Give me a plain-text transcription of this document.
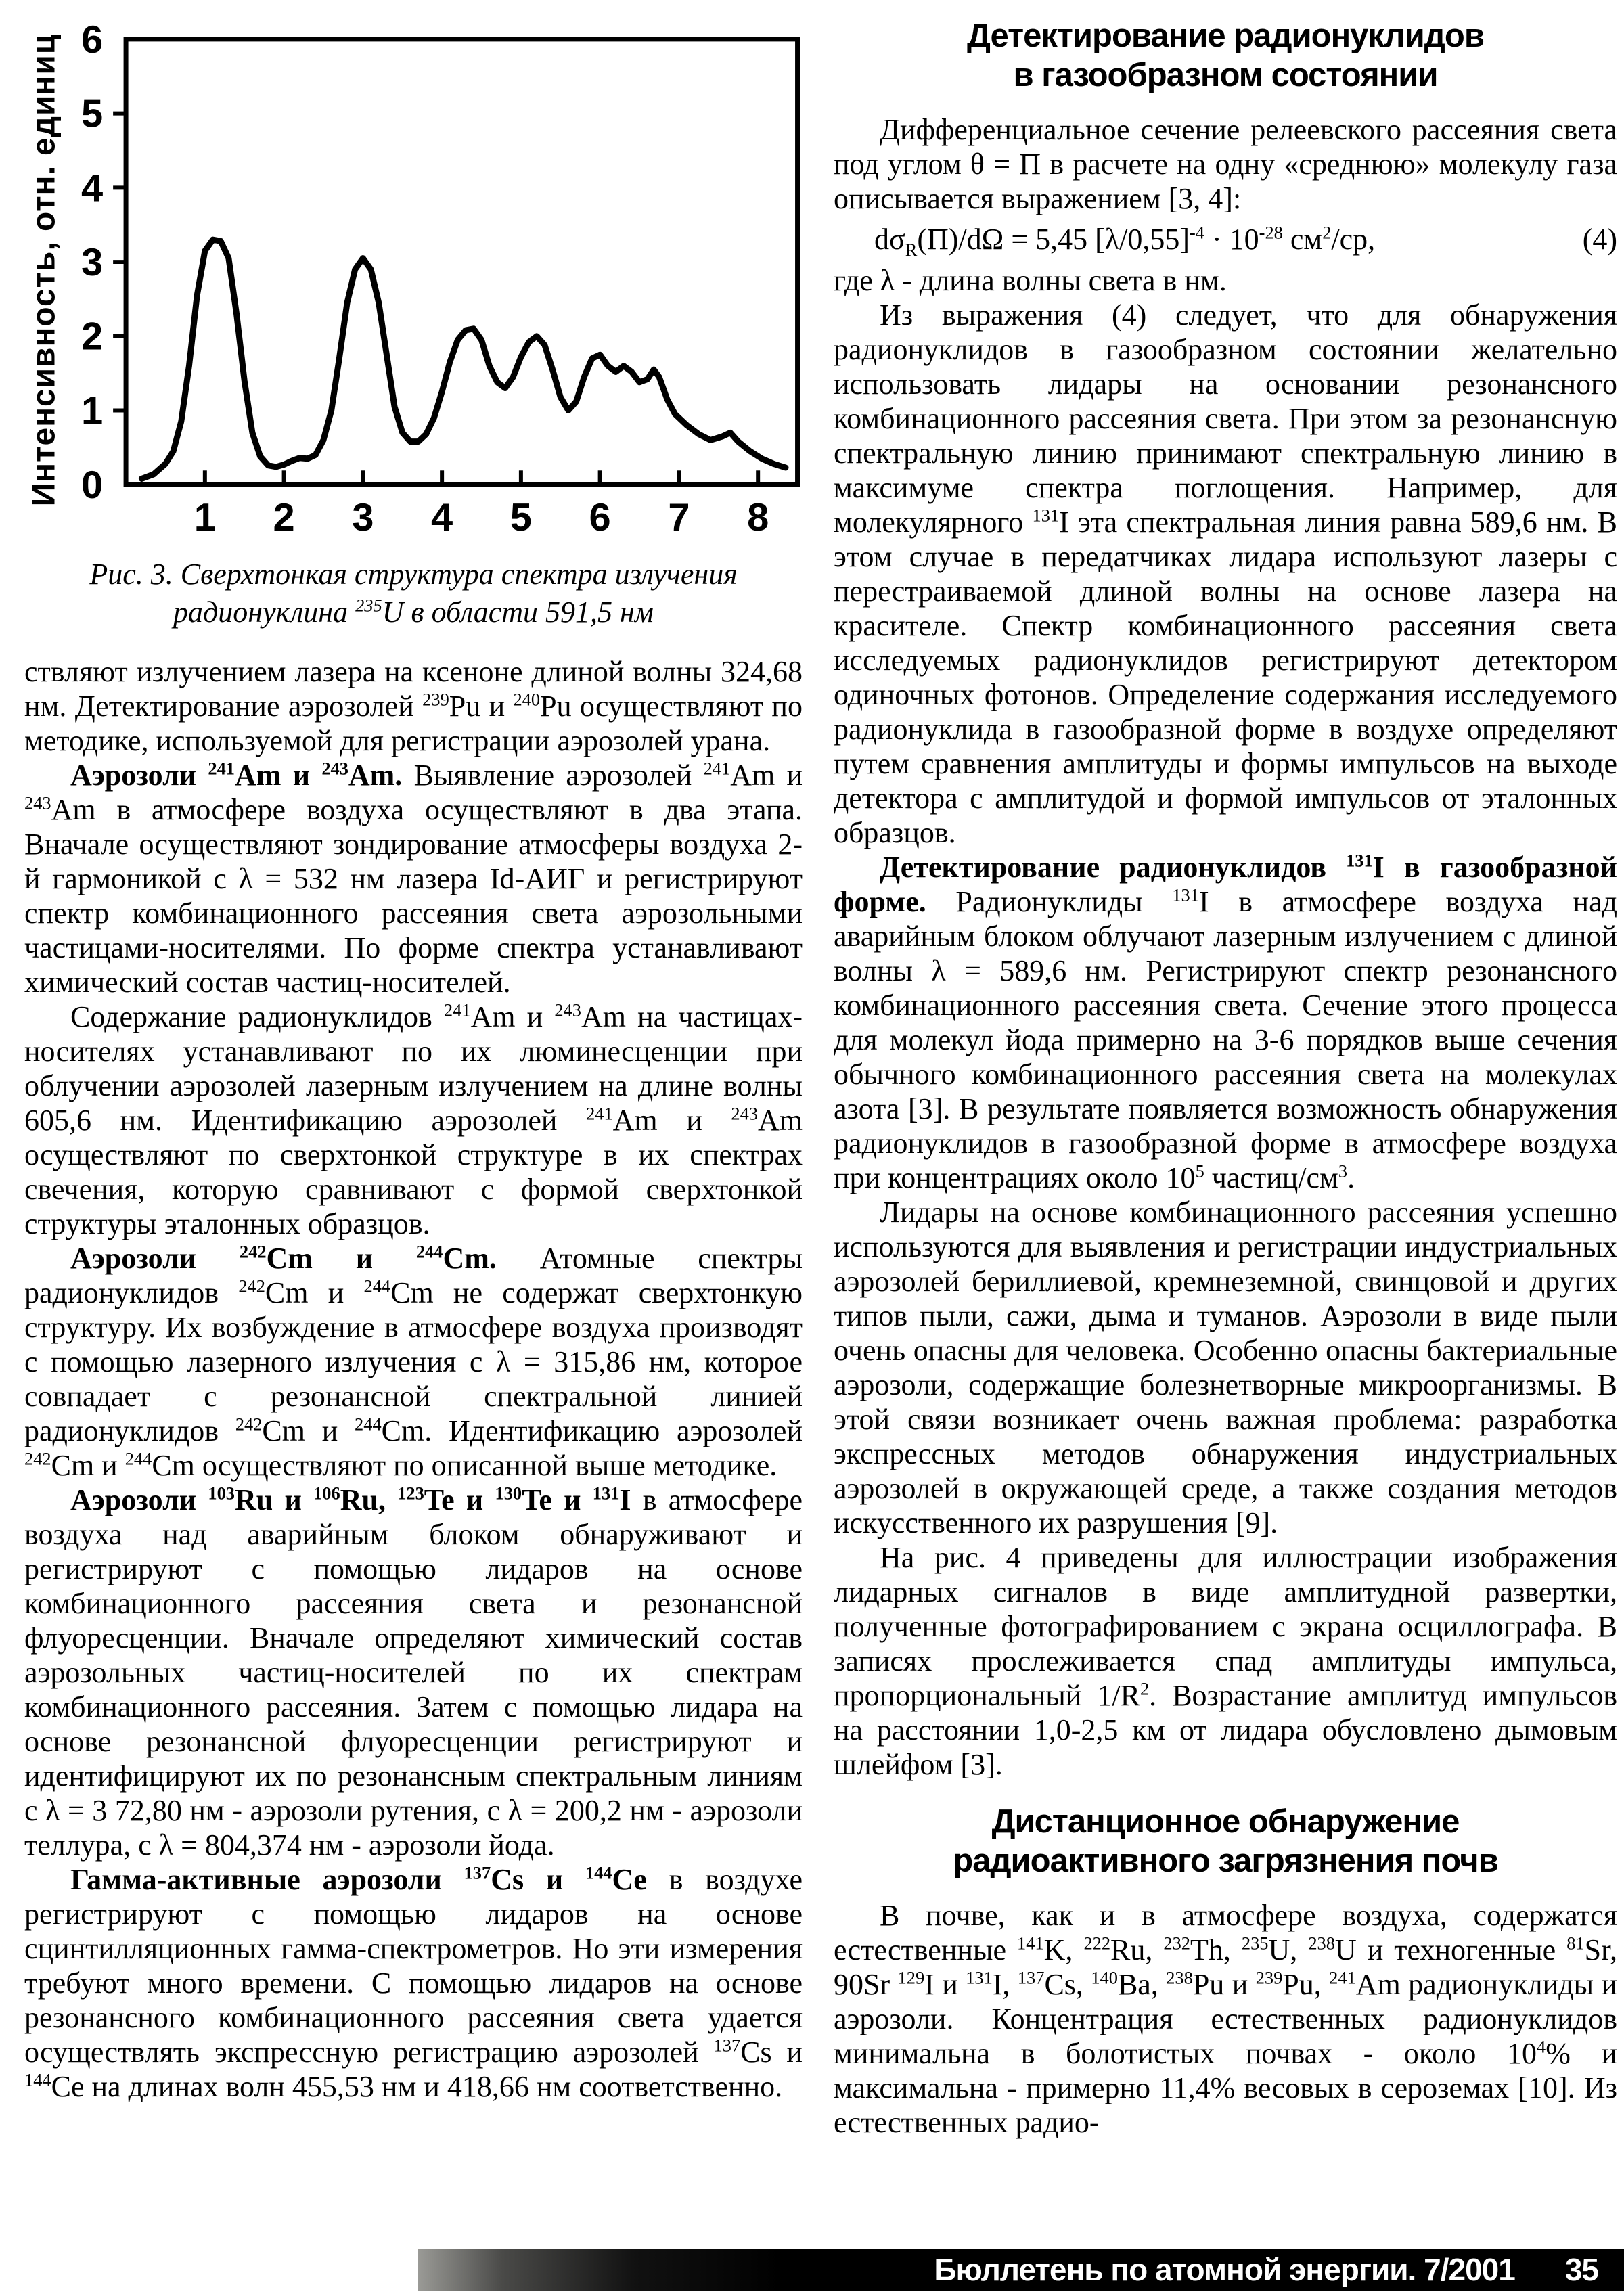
Интенсивность, отн. единиц 0
1
2
3
4
5
6
1 2 3 4 5 6 7 8
Рис. 3. Сверхтонкая структура спектра излучения
радионуклина $^{235}$U в области 591,5 нм

ствляют излучением лазера на ксеноне длиной волны 324,68 нм. Детектирование аэрозолей $^{239}$Pu и $^{240}$Pu осуществляют по методике, используемой для регистрации аэрозолей урана.

Аэрозоли $^{241}$Am и $^{243}$Am. Выявление аэрозолей $^{241}$Am и $^{243}$Am в атмосфере воздуха осуществляют в два этапа. Вначале осуществляют зондирование атмосферы воздуха 2-й гармоникой с λ = 532 нм лазера Id-АИГ и регистрируют спектр комбинационного рассеяния света аэрозольными частицами-носителями. По форме спектра устанавливают химический состав частиц-носителей.

Содержание радионуклидов $^{241}$Am и $^{243}$Am на частицах-носителях устанавливают по их люминесценции при облучении аэрозолей лазерным излучением на длине волны 605,6 нм. Идентификацию аэрозолей $^{241}$Am и $^{243}$Am осуществляют по сверхтонкой структуре в их спектрах свечения, которую сравнивают с формой сверхтонкой структуры эталонных образцов.

Аэрозоли $^{242}$Cm и $^{244}$Cm. Атомные спектры радионуклидов $^{242}$Cm и $^{244}$Cm не содержат сверхтонкую структуру. Их возбуждение в атмосфере воздуха производят с помощью лазерного излучения с λ = 315,86 нм, которое совпадает с резонансной спектральной линией радионуклидов $^{242}$Cm и $^{244}$Cm. Идентификацию аэрозолей $^{242}$Cm и $^{244}$Cm осуществляют по описанной выше методике.

Аэрозоли $^{103}$Ru и $^{106}$Ru, $^{123}$Te и $^{130}$Te и $^{131}$I в атмосфере воздуха над аварийным блоком обнаруживают и регистрируют с помощью лидаров на основе комбинационного рассеяния света и резонансной флуоресценции. Вначале определяют химический состав аэрозольных частиц-носителей по их спектрам комбинационного рассеяния. Затем с помощью лидара на основе резонансной флуоресценции регистрируют и идентифицируют их по резонансным спектральным линиям с λ = 3 72,80 нм - аэрозоли рутения, с λ = 200,2 нм - аэрозоли теллура, с λ = 804,374 нм - аэрозоли йода.

Гамма-активные аэрозоли $^{137}$Cs и $^{144}$Ce в воздухе регистрируют с помощью лидаров на основе сцинтилляционных гамма-спектрометров. Но эти измерения требуют много времени. С помощью лидаров на основе резонансного комбинационного рассеяния света удается осуществлять экспрессную регистрацию аэрозолей $^{137}$Cs и $^{144}$Ce на длинах волн 455,53 нм и 418,66 нм соответственно.

Детектирование радионуклидов
в газообразном состоянии

Дифференциальное сечение релеевского рассеяния света под углом θ = П в расчете на одну «среднюю» молекулу газа описывается выражением [3, 4]:

$d\sigma_R(П)/d\Omega = 5,45$ $[\lambda/0,55]^{-4} \cdot 10^{-28}$ $см^2/ср$,	(4)

где λ - длина волны света в нм.

Из выражения (4) следует, что для обнаружения радионуклидов в газообразном состоянии желательно использовать лидары на основании резонансного комбинационного рассеяния света. При этом за резонансную спектральную линию принимают спектральную линию в максимуме спектра поглощения. Например, для молекулярного $^{131}$I эта спектральная линия равна 589,6 нм. В этом случае в передатчиках лидара используют лазеры с перестраиваемой длиной волны на основе лазера на красителе. Спектр комбинационного рассеяния света исследуемых радионуклидов регистрируют детектором одиночных фотонов. Определение содержания исследуемого радионуклида в газообразной форме в воздухе определяют путем сравнения амплитуды и формы импульсов на выходе детектора с амплитудой и формой импульсов от эталонных образцов.

Детектирование радионуклидов $^{131}$I в газообразной форме. Радионуклиды $^{131}$I в атмосфере воздуха над аварийным блоком облучают лазерным излучением с длиной волны λ = 589,6 нм. Регистрируют спектр резонансного комбинационного рассеяния света. Сечение этого процесса для молекул йода примерно на 3-6 порядков выше сечения обычного комбинационного рассеяния света на молекулах азота [3]. В результате появляется возможность обнаружения радионуклидов в газообразной форме в атмосфере воздуха при концентрациях около $10^5$ частиц/$см^3$.

Лидары на основе комбинационного рассеяния успешно используются для выявления и регистрации индустриальных аэрозолей бериллиевой, кремнеземной, свинцовой и других типов пыли, сажи, дыма и туманов. Аэрозоли в виде пыли очень опасны для человека. Особенно опасны бактериальные аэрозоли, содержащие болезнетворные микроорганизмы. В этой связи возникает очень важная проблема: разработка экспрессных методов обнаружения индустриальных аэрозолей в окружающей среде, а также создания методов искусственного их разрушения [9].

На рис. 4 приведены для иллюстрации изображения лидарных сигналов в виде амплитудной развертки, полученные фотографированием с экрана осциллографа. В записях прослеживается спад амплитуды импульса, пропорциональный $1/R^2$. Возрастание амплитуд импульсов на расстоянии 1,0-2,5 км от лидара обусловлено дымовым шлейфом [3].

Дистанционное обнаружение
радиоактивного загрязнения почв

В почве, как и в атмосфере воздуха, содержатся естественные $^{141}$K, $^{222}$Ru, $^{232}$Th, $^{235}$U, $^{238}$U и техногенные $^{81}$Sr, 90Sr $^{129}$I и $^{131}$I, $^{137}$Cs, $^{140}$Ba, $^{238}$Pu и $^{239}$Pu, $^{241}$Am радионуклиды и аэрозоли. Концентрация естественных радионуклидов минимальна в болотистых почвах - около $10^4\%$ и максимальна - примерно 11,4% весовых в сероземах [10]. Из естественных радио-

Бюллетень по атомной энергии. 7/2001 35
